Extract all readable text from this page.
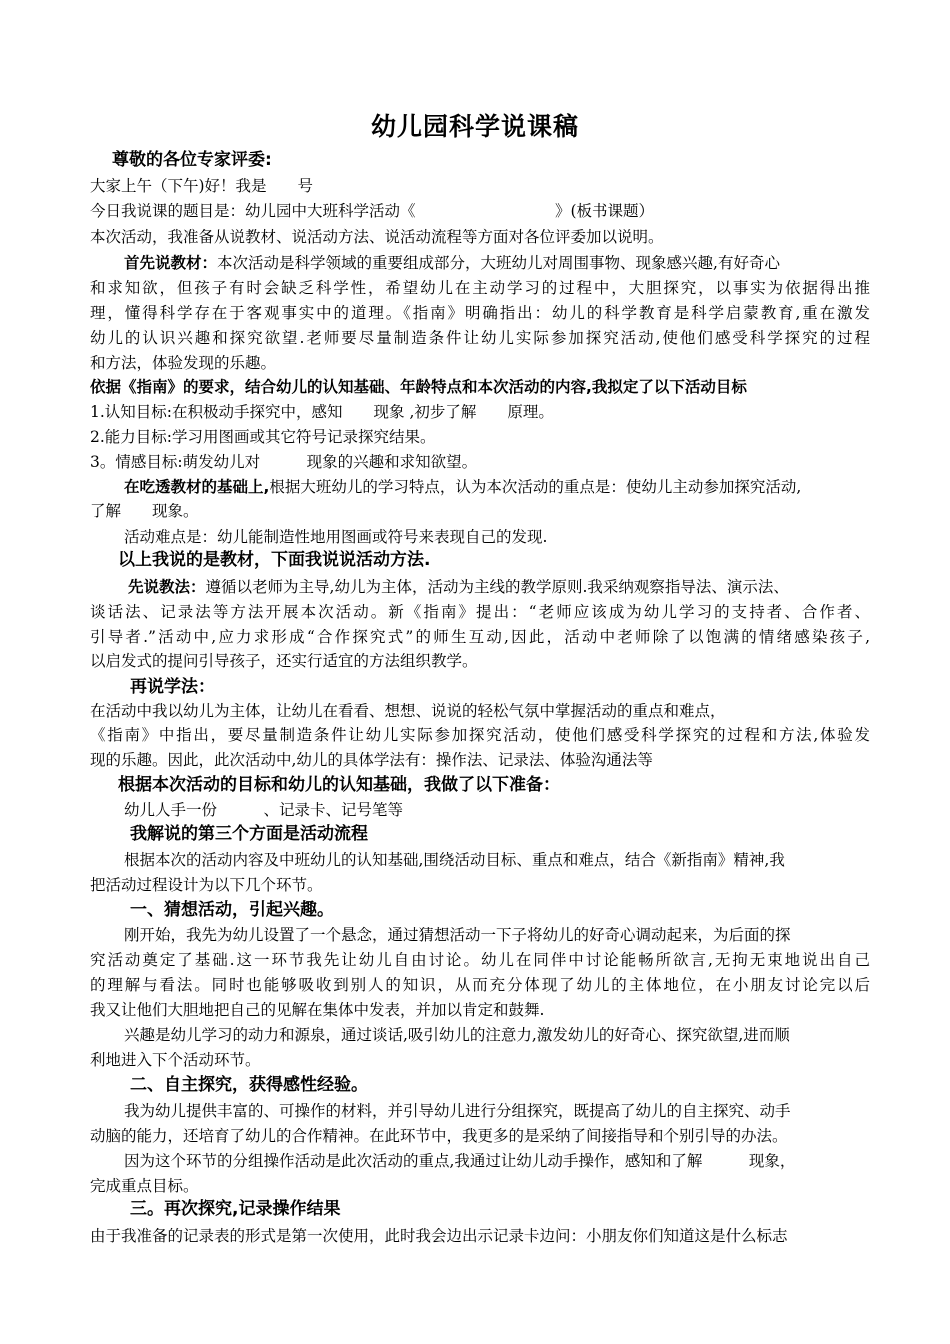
幼儿园科学说课稿
尊敬的各位专家评委:
大家上午（下午)好！我是　　号
今日我说课的题目是：幼儿园中大班科学活动《　　　　　　　　　》(板书课题）
本次活动，我准备从说教材、说活动方法、说活动流程等方面对各位评委加以说明。
首先说教材：本次活动是科学领域的重要组成部分，大班幼儿对周围事物、现象感兴趣,有好奇心
和求知欲，但孩子有时会缺乏科学性，希望幼儿在主动学习的过程中，大胆探究，以事实为依据得出推
理，懂得科学存在于客观事实中的道理。《指南》明确指出：幼儿的科学教育是科学启蒙教育,重在激发
幼儿的认识兴趣和探究欲望.老师要尽量制造条件让幼儿实际参加探究活动,使他们感受科学探究的过程
和方法，体验发现的乐趣。
依据《指南》的要求，结合幼儿的认知基础、年龄特点和本次活动的内容,我拟定了以下活动目标
1.认知目标:在积极动手探究中，感知　　现象 ,初步了解　　原理。
2.能力目标:学习用图画或其它符号记录探究结果。
3。情感目标:萌发幼儿对　　　现象的兴趣和求知欲望。
在吃透教材的基础上,根据大班幼儿的学习特点，认为本次活动的重点是：使幼儿主动参加探究活动,
了解　　现象。
活动难点是：幼儿能制造性地用图画或符号来表现自己的发现.
以上我说的是教材，下面我说说活动方法.
先说教法：遵循以老师为主导,幼儿为主体，活动为主线的教学原则.我采纳观察指导法、演示法、
谈话法、记录法等方法开展本次活动。新《指南》提出：“老师应该成为幼儿学习的支持者、合作者、
引导者.”活动中,应力求形成“合作探究式”的师生互动,因此，活动中老师除了以饱满的情绪感染孩子,
以启发式的提问引导孩子，还实行适宜的方法组织教学。
再说学法：
在活动中我以幼儿为主体，让幼儿在看看、想想、说说的轻松气氛中掌握活动的重点和难点，
《指南》中指出，要尽量制造条件让幼儿实际参加探究活动，使他们感受科学探究的过程和方法,体验发
现的乐趣。因此，此次活动中,幼儿的具体学法有：操作法、记录法、体验沟通法等
根据本次活动的目标和幼儿的认知基础，我做了以下准备：
幼儿人手一份　　　、记录卡、记号笔等
我解说的第三个方面是活动流程
根据本次的活动内容及中班幼儿的认知基础,围绕活动目标、重点和难点，结合《新指南》精神,我
把活动过程设计为以下几个环节。
一、猜想活动，引起兴趣。
刚开始，我先为幼儿设置了一个悬念，通过猜想活动一下子将幼儿的好奇心调动起来，为后面的探
究活动奠定了基础.这一环节我先让幼儿自由讨论。幼儿在同伴中讨论能畅所欲言,无拘无束地说出自己
的理解与看法。同时也能够吸收到别人的知识，从而充分体现了幼儿的主体地位，在小朋友讨论完以后
我又让他们大胆地把自己的见解在集体中发表，并加以肯定和鼓舞.
兴趣是幼儿学习的动力和源泉，通过谈话,吸引幼儿的注意力,激发幼儿的好奇心、探究欲望,进而顺
利地进入下个活动环节。
二、自主探究，获得感性经验。
我为幼儿提供丰富的、可操作的材料，并引导幼儿进行分组探究，既提高了幼儿的自主探究、动手
动脑的能力，还培育了幼儿的合作精神。在此环节中，我更多的是采纳了间接指导和个别引导的办法。
因为这个环节的分组操作活动是此次活动的重点,我通过让幼儿动手操作，感知和了解　　　现象，
完成重点目标。
三。再次探究,记录操作结果
由于我准备的记录表的形式是第一次使用，此时我会边出示记录卡边问：小朋友你们知道这是什么标志
